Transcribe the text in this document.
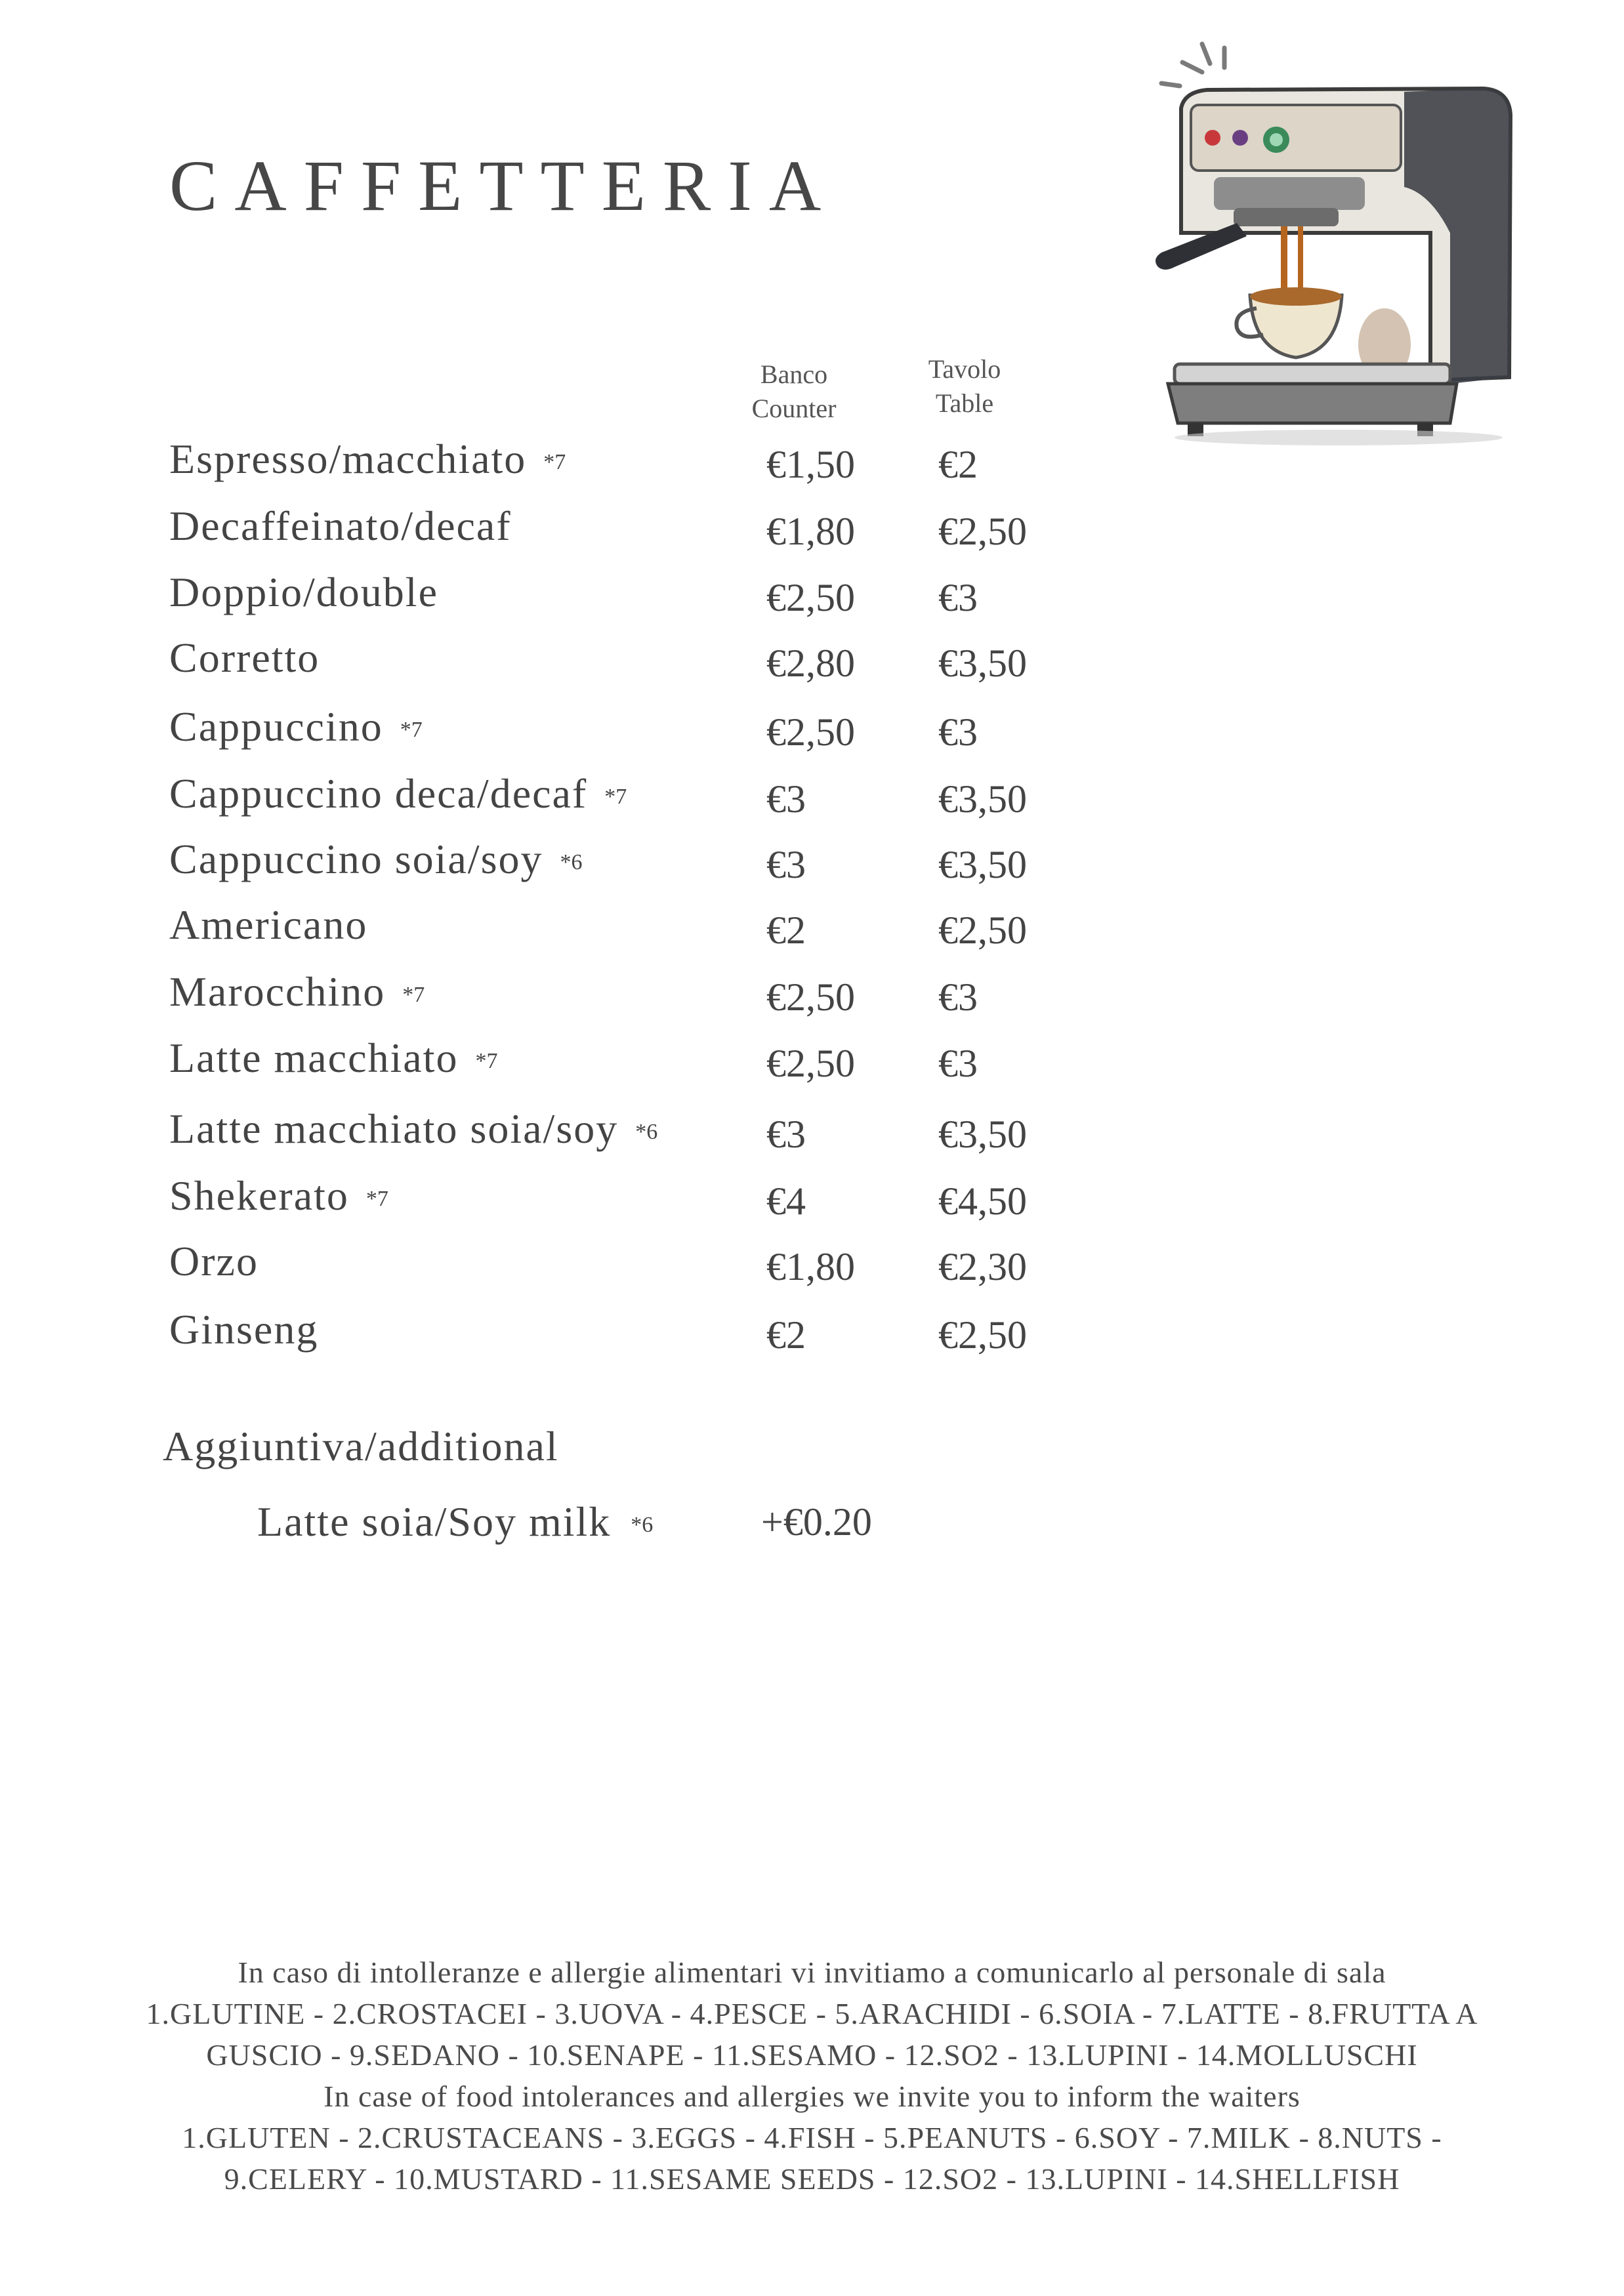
CAFFETTERIA
Banco
Counter
Tavolo
Table
Espresso/macchiato *7	€1,50 €2
Decaffeinato/decaf	€1,80 €2,50
Doppio/double	€2,50 €3
Corretto	€2,80 €3,50
Cappuccino *7	€2,50 €3
Cappuccino deca/decaf *7	€3	€3,50
Cappuccino soia/soy *6	€3	€3,50
Americano	€2	€2,50
Marocchino *7	€2,50 €3
Latte macchiato *7	€2,50 €3
Latte macchiato soia/soy *6	€3	€3,50
Shekerato *7	€4	€4,50
Orzo	€1,80 €2,30
Ginseng	€2	€2,50
Aggiuntiva/additional
Latte soia/Soy milk *6	+€0.20
In caso di intolleranze e allergie alimentari vi invitiamo a comunicarlo al personale di sala
1.GLUTINE - 2.CROSTACEI - 3.UOVA - 4.PESCE - 5.ARACHIDI - 6.SOIA - 7.LATTE - 8.FRUTTA A
GUSCIO - 9.SEDANO - 10.SENAPE - 11.SESAMO - 12.SO2 - 13.LUPINI - 14.MOLLUSCHI
In case of food intolerances and allergies we invite you to inform the waiters
1.GLUTEN - 2.CRUSTACEANS - 3.EGGS - 4.FISH - 5.PEANUTS - 6.SOY - 7.MILK - 8.NUTS -
9.CELERY - 10.MUSTARD - 11.SESAME SEEDS - 12.SO2 - 13.LUPINI - 14.SHELLFISH
